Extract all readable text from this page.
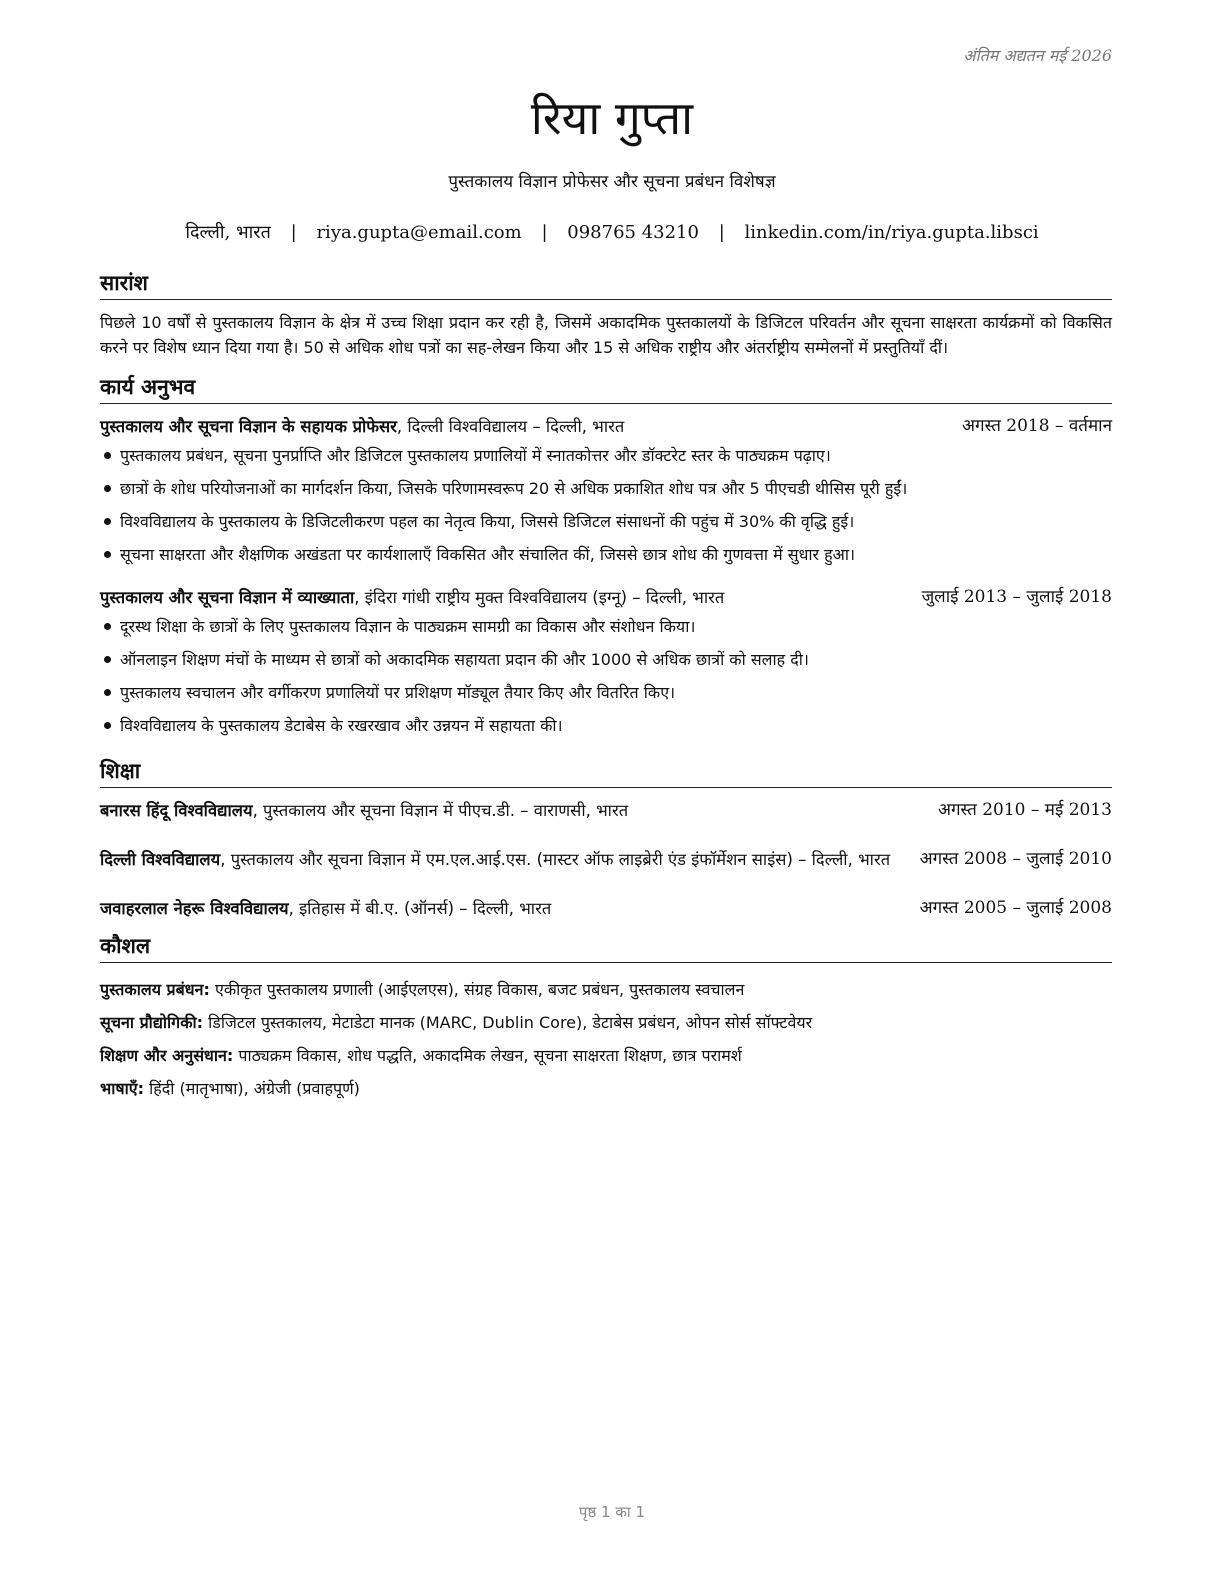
अंतिम अद्यतन मई 2026
रिया गुप्ता
पुस्तकालय विज्ञान प्रोफेसर और सूचना प्रबंधन विशेषज्ञ
दिल्ली, भारत | riya.gupta@email.com | 098765 43210 | linkedin.com/in/riya.gupta.libsci
सारांश
पिछले 10 वर्षों से पुस्तकालय विज्ञान के क्षेत्र में उच्च शिक्षा प्रदान कर रही है, जिसमें अकादमिक पुस्तकालयों के डिजिटल परिवर्तन और सूचना साक्षरता कार्यक्रमों को विकसित करने पर विशेष ध्यान दिया गया है। 50 से अधिक शोध पत्रों का सह-लेखन किया और 15 से अधिक राष्ट्रीय और अंतर्राष्ट्रीय सम्मेलनों में प्रस्तुतियाँ दीं।
कार्य अनुभव
पुस्तकालय और सूचना विज्ञान के सहायक प्रोफेसर, दिल्ली विश्वविद्यालय – दिल्ली, भारत	अगस्त 2018 – वर्तमान
पुस्तकालय प्रबंधन, सूचना पुनर्प्राप्ति और डिजिटल पुस्तकालय प्रणालियों में स्नातकोत्तर और डॉक्टरेट स्तर के पाठ्यक्रम पढ़ाए।
छात्रों के शोध परियोजनाओं का मार्गदर्शन किया, जिसके परिणामस्वरूप 20 से अधिक प्रकाशित शोध पत्र और 5 पीएचडी थीसिस पूरी हुईं।
विश्वविद्यालय के पुस्तकालय के डिजिटलीकरण पहल का नेतृत्व किया, जिससे डिजिटल संसाधनों की पहुंच में 30% की वृद्धि हुई।
सूचना साक्षरता और शैक्षणिक अखंडता पर कार्यशालाएँ विकसित और संचालित कीं, जिससे छात्र शोध की गुणवत्ता में सुधार हुआ।
पुस्तकालय और सूचना विज्ञान में व्याख्याता, इंदिरा गांधी राष्ट्रीय मुक्त विश्वविद्यालय (इग्नू) – दिल्ली, भारत	जुलाई 2013 – जुलाई 2018
दूरस्थ शिक्षा के छात्रों के लिए पुस्तकालय विज्ञान के पाठ्यक्रम सामग्री का विकास और संशोधन किया।
ऑनलाइन शिक्षण मंचों के माध्यम से छात्रों को अकादमिक सहायता प्रदान की और 1000 से अधिक छात्रों को सलाह दी।
पुस्तकालय स्वचालन और वर्गीकरण प्रणालियों पर प्रशिक्षण मॉड्यूल तैयार किए और वितरित किए।
विश्वविद्यालय के पुस्तकालय डेटाबेस के रखरखाव और उन्नयन में सहायता की।
शिक्षा
बनारस हिंदू विश्वविद्यालय, पुस्तकालय और सूचना विज्ञान में पीएच.डी. – वाराणसी, भारत	अगस्त 2010 – मई 2013
दिल्ली विश्वविद्यालय, पुस्तकालय और सूचना विज्ञान में एम.एल.आई.एस. (मास्टर ऑफ लाइब्रेरी एंड इंफॉर्मेशन साइंस) – दिल्ली, भारत	अगस्त 2008 – जुलाई 2010
जवाहरलाल नेहरू विश्वविद्यालय, इतिहास में बी.ए. (ऑनर्स) – दिल्ली, भारत	अगस्त 2005 – जुलाई 2008
कौशल
पुस्तकालय प्रबंधन: एकीकृत पुस्तकालय प्रणाली (आईएलएस), संग्रह विकास, बजट प्रबंधन, पुस्तकालय स्वचालन
सूचना प्रौद्योगिकी: डिजिटल पुस्तकालय, मेटाडेटा मानक (MARC, Dublin Core), डेटाबेस प्रबंधन, ओपन सोर्स सॉफ्टवेयर
शिक्षण और अनुसंधान: पाठ्यक्रम विकास, शोध पद्धति, अकादमिक लेखन, सूचना साक्षरता शिक्षण, छात्र परामर्श
भाषाएँ: हिंदी (मातृभाषा), अंग्रेजी (प्रवाहपूर्ण)
पृष्ठ 1 का 1
